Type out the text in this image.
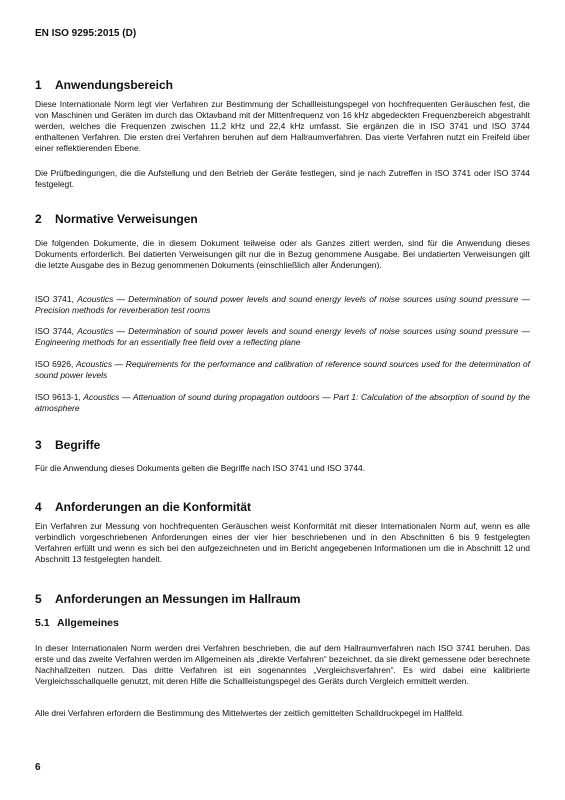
EN ISO 9295:2015 (D)
1 Anwendungsbereich
Diese Internationale Norm legt vier Verfahren zur Bestimmung der Schallleistungspegel von hochfrequenten Geräuschen fest, die von Maschinen und Geräten im durch das Oktavband mit der Mittenfrequenz von 16 kHz abgedeckten Frequenzbereich abgestrahlt werden, welches die Frequenzen zwischen 11,2 kHz und 22,4 kHz umfasst. Sie ergänzen die in ISO 3741 und ISO 3744 enthaltenen Verfahren. Die ersten drei Verfahren beruhen auf dem Hallraumverfahren. Das vierte Verfahren nutzt ein Freifeld über einer reflektierenden Ebene.
Die Prüfbedingungen, die die Aufstellung und den Betrieb der Geräte festlegen, sind je nach Zutreffen in ISO 3741 oder ISO 3744 festgelegt.
2 Normative Verweisungen
Die folgenden Dokumente, die in diesem Dokument teilweise oder als Ganzes zitiert werden, sind für die Anwendung dieses Dokuments erforderlich. Bei datierten Verweisungen gilt nur die in Bezug genommene Ausgabe. Bei undatierten Verweisungen gilt die letzte Ausgabe des in Bezug genommenen Dokuments (einschließlich aller Änderungen).
ISO 3741, Acoustics — Determination of sound power levels and sound energy levels of noise sources using sound pressure — Precision methods for reverberation test rooms
ISO 3744, Acoustics — Determination of sound power levels and sound energy levels of noise sources using sound pressure — Engineering methods for an essentially free field over a reflecting plane
ISO 6926, Acoustics — Requirements for the performance and calibration of reference sound sources used for the determination of sound power levels
ISO 9613-1, Acoustics — Attenuation of sound during propagation outdoors — Part 1: Calculation of the absorption of sound by the atmosphere
3 Begriffe
Für die Anwendung dieses Dokuments gelten die Begriffe nach ISO 3741 und ISO 3744.
4 Anforderungen an die Konformität
Ein Verfahren zur Messung von hochfrequenten Geräuschen weist Konformität mit dieser Internationalen Norm auf, wenn es alle verbindlich vorgeschriebenen Anforderungen eines der vier hier beschriebenen und in den Abschnitten 6 bis 9 festgelegten Verfahren erfüllt und wenn es sich bei den aufgezeichneten und im Bericht angegebenen Informationen um die in Abschnitt 12 und Abschnitt 13 festgelegten handelt.
5 Anforderungen an Messungen im Hallraum
5.1 Allgemeines
In dieser Internationalen Norm werden drei Verfahren beschrieben, die auf dem Hallraumverfahren nach ISO 3741 beruhen. Das erste und das zweite Verfahren werden im Allgemeinen als „direkte Verfahren“ bezeichnet, da sie direkt gemessene oder berechnete Nachhallzeiten nutzen. Das dritte Verfahren ist ein sogenanntes „Vergleichsverfahren“. Es wird dabei eine kalibrierte Vergleichsschallquelle genutzt, mit deren Hilfe die Schallleistungspegel des Geräts durch Vergleich ermittelt werden.
Alle drei Verfahren erfordern die Bestimmung des Mittelwertes der zeitlich gemittelten Schalldruckpegel im Hallfeld.
6
